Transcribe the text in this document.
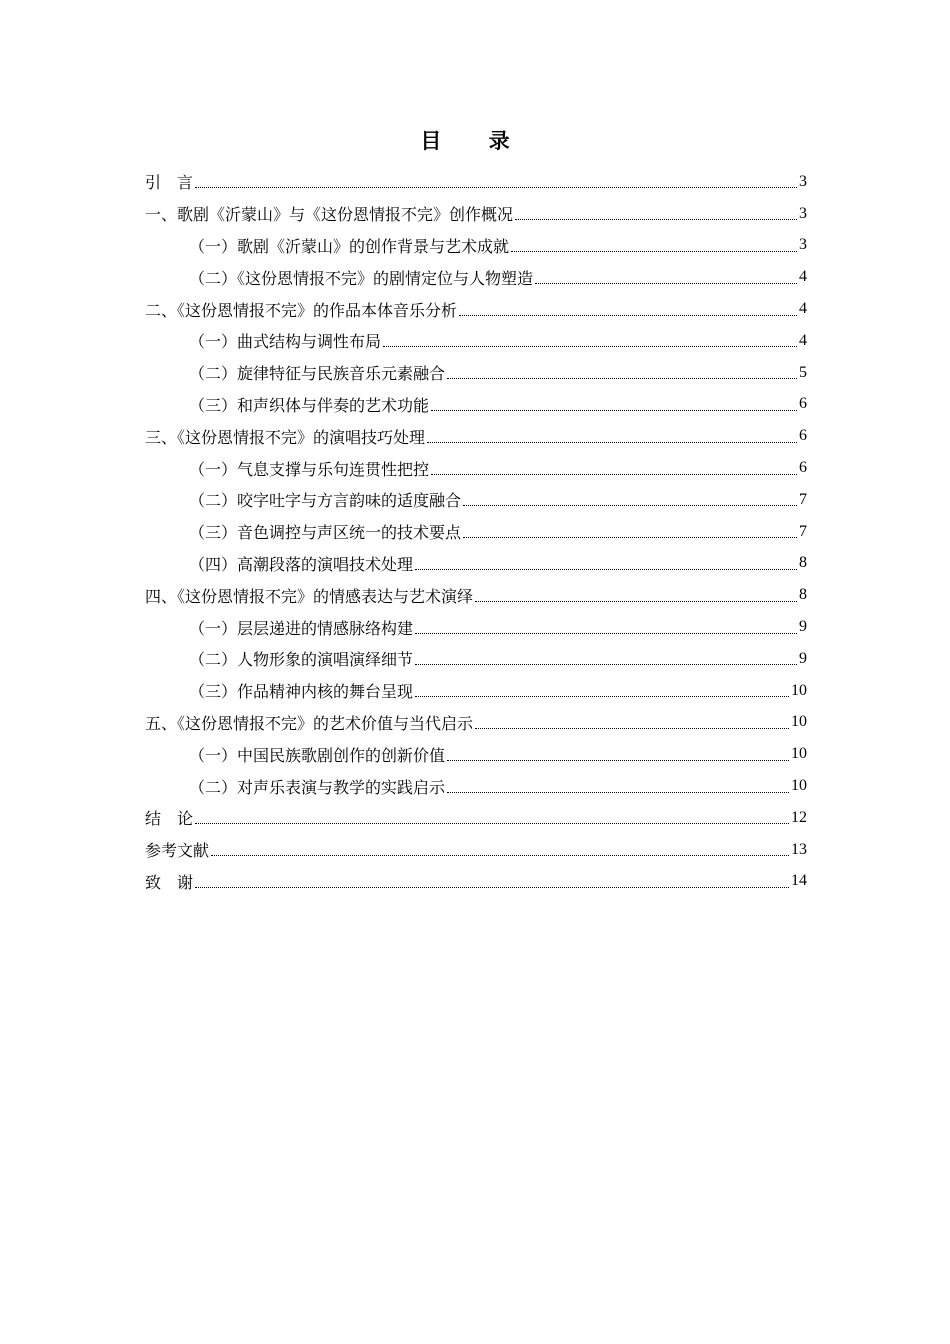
目 录
引　言	3
一、歌剧《沂蒙山》与《这份恩情报不完》创作概况	3
（一）歌剧《沂蒙山》的创作背景与艺术成就	3
（二）《这份恩情报不完》的剧情定位与人物塑造	4
二、《这份恩情报不完》的作品本体音乐分析	4
（一）曲式结构与调性布局	4
（二）旋律特征与民族音乐元素融合	5
（三）和声织体与伴奏的艺术功能	6
三、《这份恩情报不完》的演唱技巧处理	6
（一）气息支撑与乐句连贯性把控	6
（二）咬字吐字与方言韵味的适度融合	7
（三）音色调控与声区统一的技术要点	7
（四）高潮段落的演唱技术处理	8
四、《这份恩情报不完》的情感表达与艺术演绎	8
（一）层层递进的情感脉络构建	9
（二）人物形象的演唱演绎细节	9
（三）作品精神内核的舞台呈现	10
五、《这份恩情报不完》的艺术价值与当代启示	10
（一）中国民族歌剧创作的创新价值	10
（二）对声乐表演与教学的实践启示	10
结　论	12
参考文献	13
致　谢	14
